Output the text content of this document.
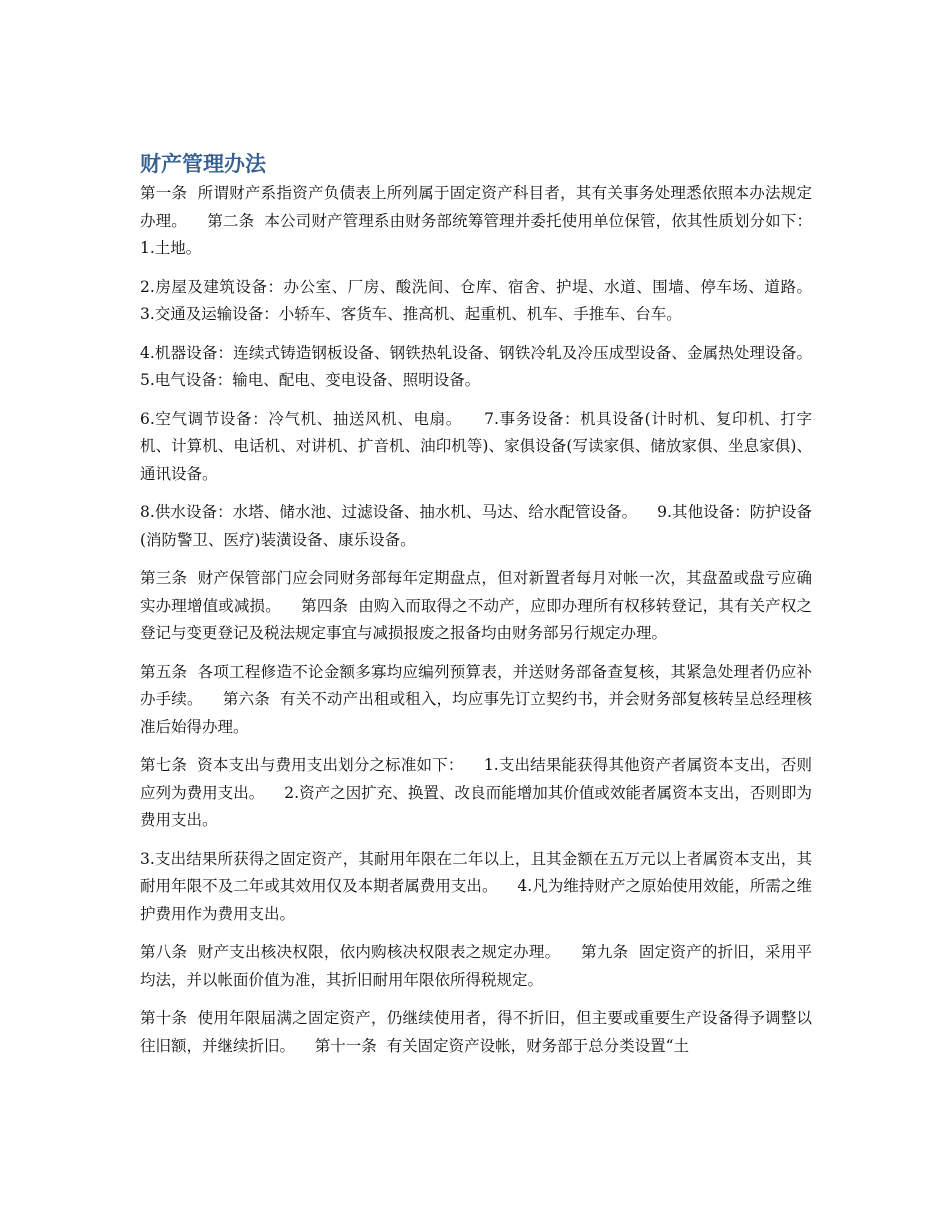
财产管理办法

第一条  所谓财产系指资产负债表上所列属于固定资产科目者，其有关事务处理悉依照本办法规定办理。    第二条  本公司财产管理系由财务部统筹管理并委托使用单位保管，依其性质划分如下：    1.土地。

2.房屋及建筑设备：办公室、厂房、酸洗间、仓库、宿舍、护堤、水道、围墙、停车场、道路。    3.交通及运输设备：小轿车、客货车、推高机、起重机、机车、手推车、台车。

4.机器设备：连续式铸造钢板设备、钢铁热轧设备、钢铁冷轧及冷压成型设备、金属热处理设备。    5.电气设备：输电、配电、变电设备、照明设备。

6.空气调节设备：冷气机、抽送风机、电扇。    7.事务设备：机具设备(计时机、复印机、打字机、计算机、电话机、对讲机、扩音机、油印机等)、家俱设备(写读家俱、储放家俱、坐息家俱)、通讯设备。

8.供水设备：水塔、储水池、过滤设备、抽水机、马达、给水配管设备。    9.其他设备：防护设备(消防警卫、医疗)装潢设备、康乐设备。

第三条  财产保管部门应会同财务部每年定期盘点，但对新置者每月对帐一次，其盘盈或盘亏应确实办理增值或减损。    第四条  由购入而取得之不动产，应即办理所有权移转登记，其有关产权之登记与变更登记及税法规定事宜与减损报废之报备均由财务部另行规定办理。

第五条  各项工程修造不论金额多寡均应编列预算表，并送财务部备查复核，其紧急处理者仍应补办手续。    第六条  有关不动产出租或租入，均应事先订立契约书，并会财务部复核转呈总经理核准后始得办理。

第七条  资本支出与费用支出划分之标准如下：    1.支出结果能获得其他资产者属资本支出，否则应列为费用支出。    2.资产之因扩充、换置、改良而能增加其价值或效能者属资本支出，否则即为费用支出。

3.支出结果所获得之固定资产，其耐用年限在二年以上，且其金额在五万元以上者属资本支出，其耐用年限不及二年或其效用仅及本期者属费用支出。    4.凡为维持财产之原始使用效能，所需之维护费用作为费用支出。

第八条  财产支出核决权限，依内购核决权限表之规定办理。    第九条  固定资产的折旧，采用平均法，并以帐面价值为准，其折旧耐用年限依所得税规定。

第十条  使用年限届满之固定资产，仍继续使用者，得不折旧，但主要或重要生产设备得予调整以往旧额，并继续折旧。    第十一条  有关固定资产设帐，财务部于总分类设置“土
